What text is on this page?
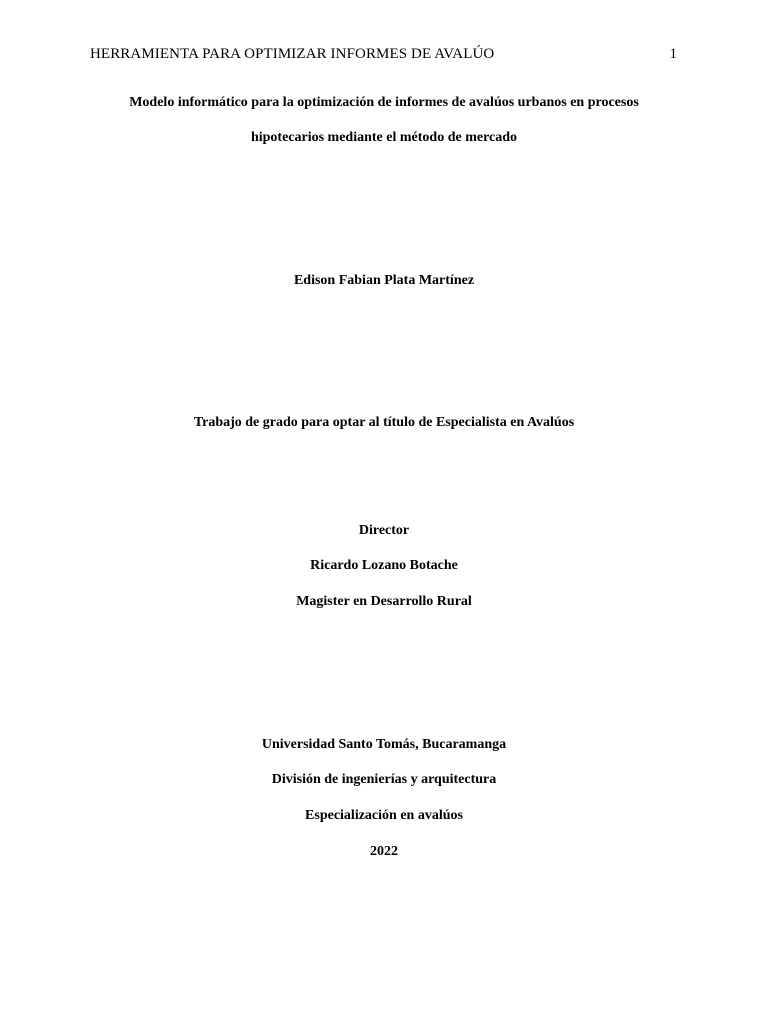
HERRAMIENTA PARA OPTIMIZAR INFORMES DE AVALÚO	1
Modelo informático para la optimización de informes de avalúos urbanos en procesos
hipotecarios mediante el método de mercado
Edison Fabian Plata Martínez
Trabajo de grado para optar al título de Especialista en Avalúos
Director
Ricardo Lozano Botache
Magister en Desarrollo Rural
Universidad Santo Tomás, Bucaramanga
División de ingenierías y arquitectura
Especialización en avalúos
2022
